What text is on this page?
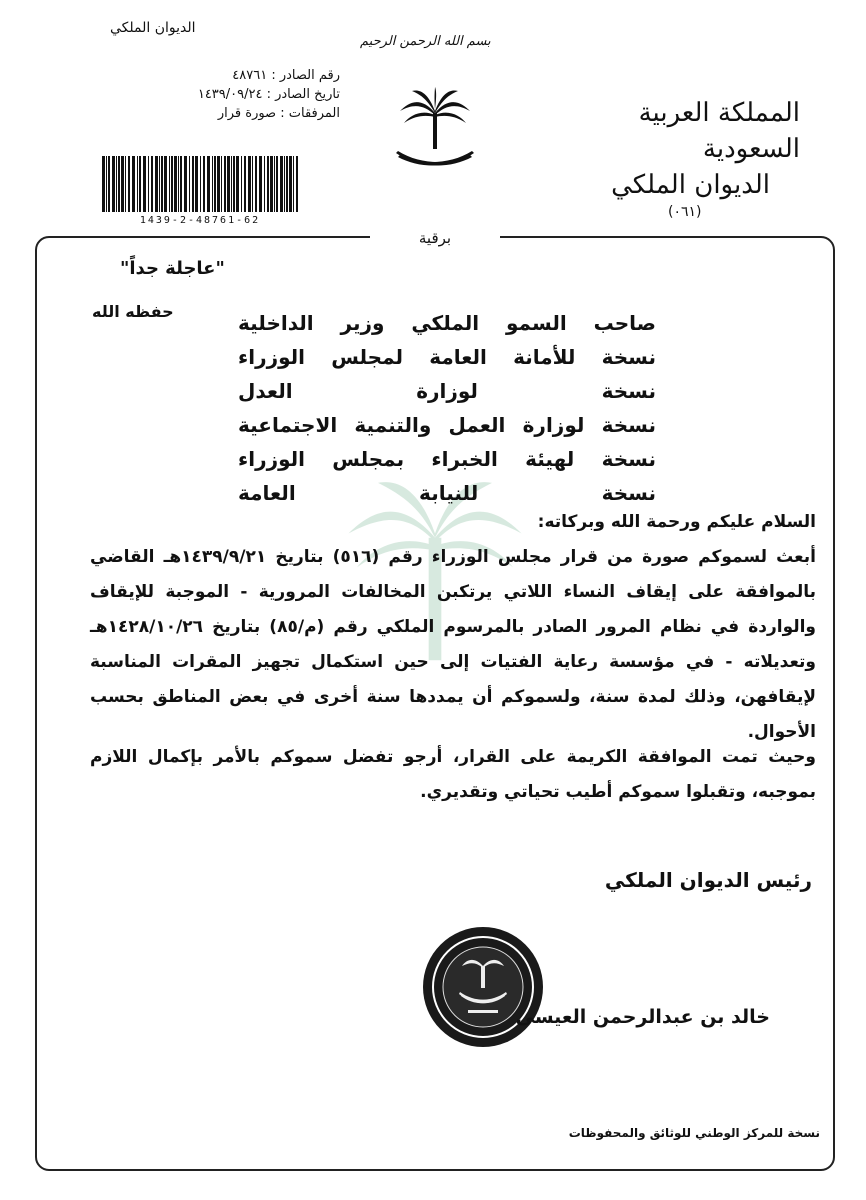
الديوان الملكي
بسم الله الرحمن الرحيم
رقم الصادر : ٤٨٧٦١
تاريخ الصادر : ١٤٣٩/٠٩/٢٤
المرفقات : صورة قرار
1439-2-48761-62
المملكة العربية السعودية
الديوان الملكي
(٠٦١)
برقية
"عاجلة جداً"
حفظه الله	صاحب السمو الملكي وزير الداخلية
نسخة للأمانة العامة لمجلس الوزراء
نسخة لوزارة العدل
نسخة لوزارة العمل والتنمية الاجتماعية
نسخة لهيئة الخبراء بمجلس الوزراء
نسخة للنيابة العامة
السلام عليكم ورحمة الله وبركاته:
أبعث لسموكم صورة من قرار مجلس الوزراء رقم (٥١٦) بتاريخ ١٤٣٩/٩/٢١هـ القاضي بالموافقة على إيقاف النساء اللاتي يرتكبن المخالفات المرورية - الموجبة للإيقاف والواردة في نظام المرور الصادر بالمرسوم الملكي رقم (م/٨٥) بتاريخ ١٤٢٨/١٠/٢٦هـ وتعديلاته - في مؤسسة رعاية الفتيات إلى حين استكمال تجهيز المقرات المناسبة لإيقافهن، وذلك لمدة سنة، ولسموكم أن يمددها سنة أخرى في بعض المناطق بحسب الأحوال.
وحيث تمت الموافقة الكريمة على القرار، أرجو تفضل سموكم بالأمر بإكمال اللازم بموجبه، وتقبلوا سموكم أطيب تحياتي وتقديري.
رئيس الديوان الملكي
خالد بن عبدالرحمن العيسى
نسخة للمركز الوطني للوثائق والمحفوظات
